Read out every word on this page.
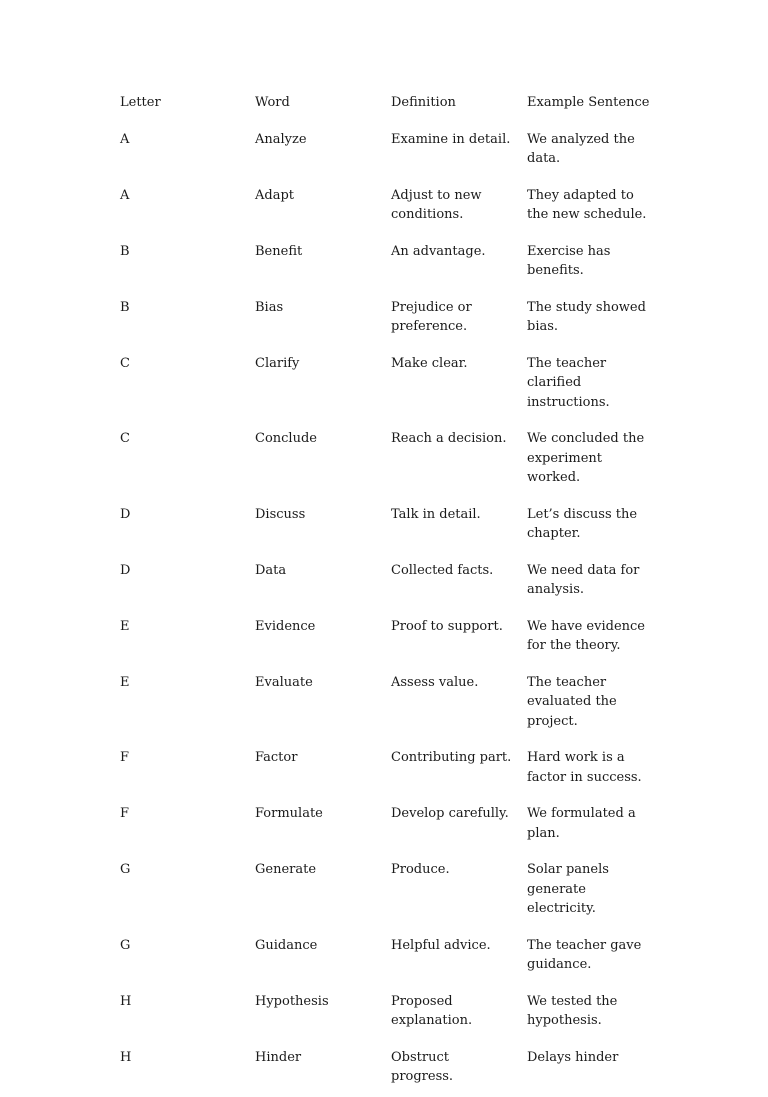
Letter	Word	Definition	Example Sentence
A	Analyze	Examine in detail.	We analyzed the data.
A	Adapt	Adjust to new conditions.	They adapted to the new schedule.
B	Benefit	An advantage.	Exercise has benefits.
B	Bias	Prejudice or preference.	The study showed bias.
C	Clarify	Make clear.	The teacher clarified instructions.
C	Conclude	Reach a decision.	We concluded the experiment worked.
D	Discuss	Talk in detail.	Let’s discuss the chapter.
D	Data	Collected facts.	We need data for analysis.
E	Evidence	Proof to support.	We have evidence for the theory.
E	Evaluate	Assess value.	The teacher evaluated the project.
F	Factor	Contributing part.	Hard work is a factor in success.
F	Formulate	Develop carefully.	We formulated a plan.
G	Generate	Produce.	Solar panels generate electricity.
G	Guidance	Helpful advice.	The teacher gave guidance.
H	Hypothesis	Proposed explanation.	We tested the hypothesis.
H	Hinder	Obstruct progress.	Delays hinder
